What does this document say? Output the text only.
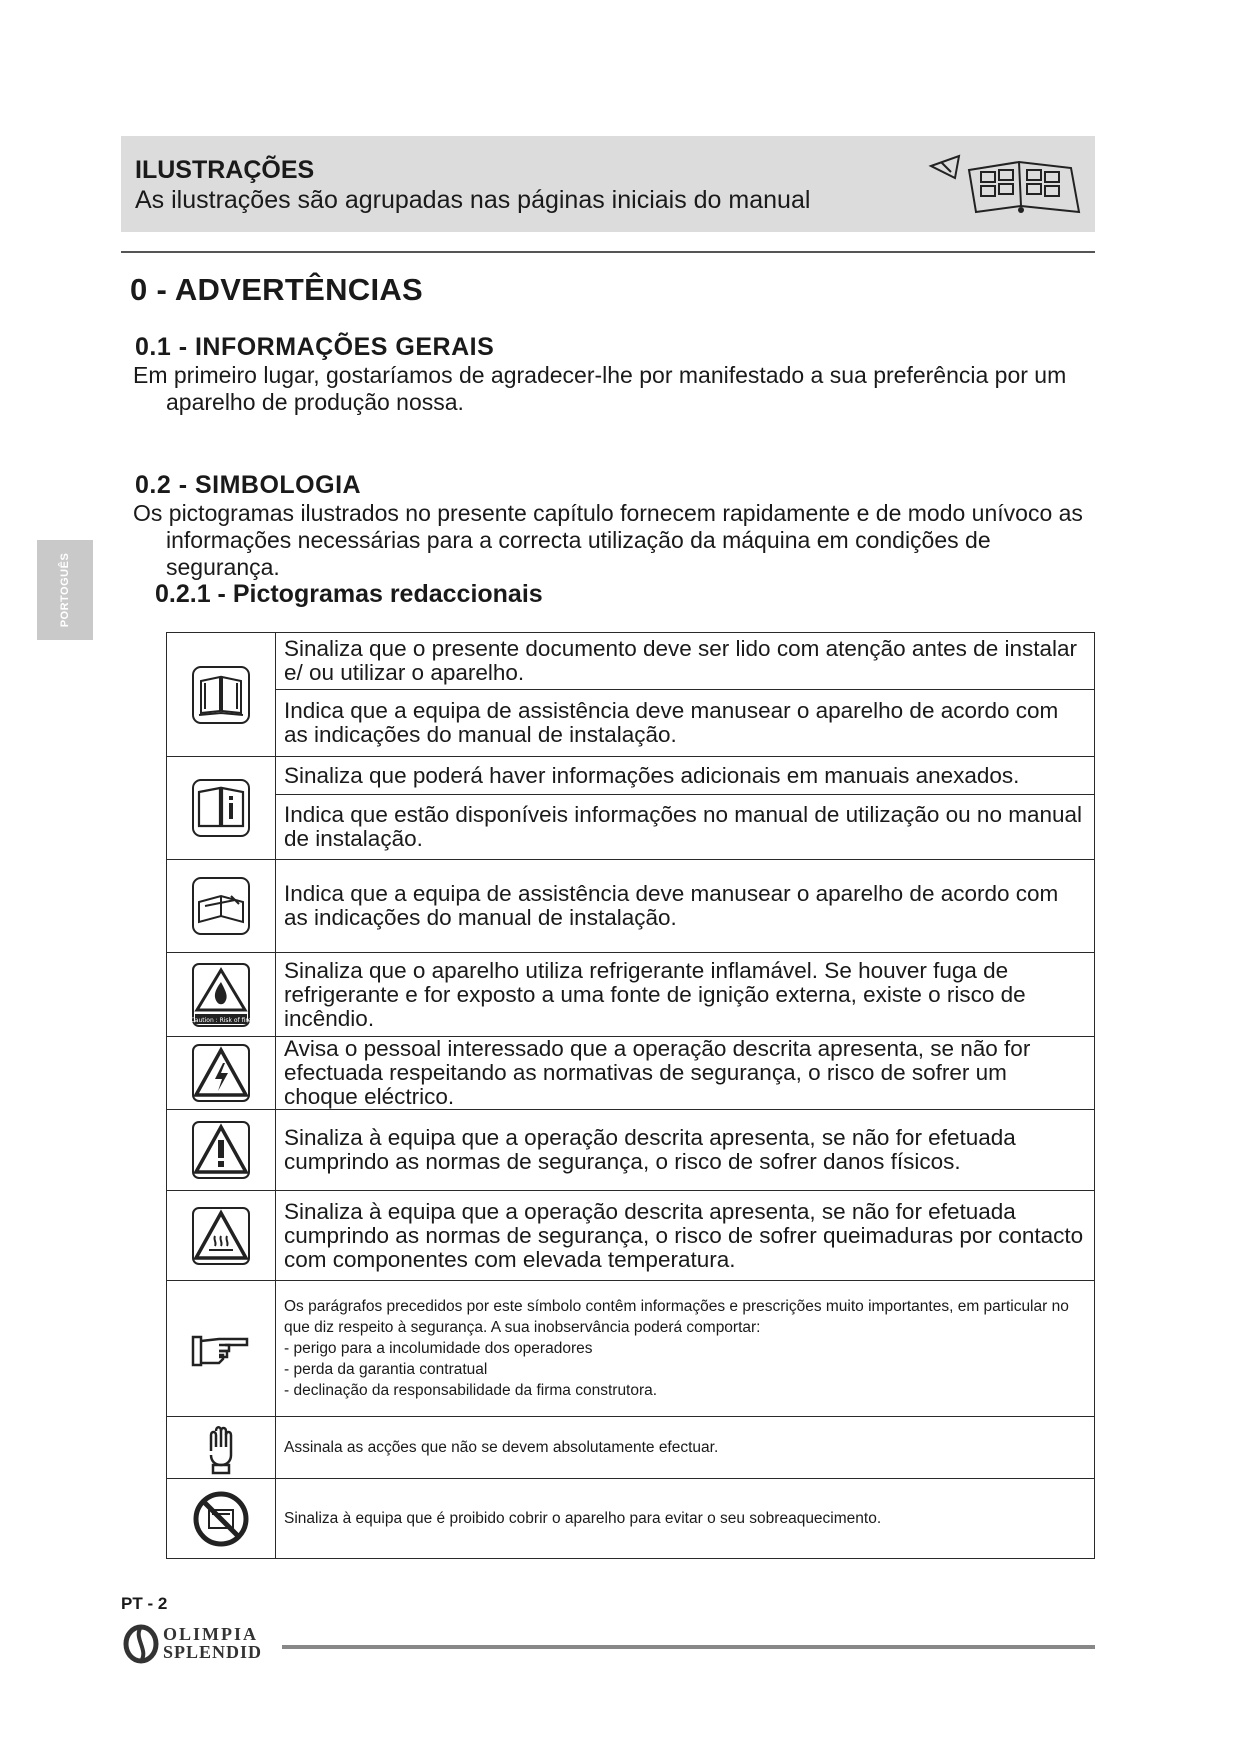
ILUSTRAÇÕES
As ilustrações são agrupadas nas páginas iniciais do manual
0 - ADVERTÊNCIAS
0.1 - INFORMAÇÕES GERAIS
Em primeiro lugar, gostaríamos de agradecer-lhe por manifestado a sua preferência por um
aparelho de produção nossa.
0.2 - SIMBOLOGIA
Os pictogramas ilustrados no presente capítulo fornecem rapidamente e de modo unívoco as
informações necessárias para a correcta utilização da máquina em condições de segurança.
0.2.1 - Pictogramas redaccionais
PORTOGUÊS
	Sinaliza que o presente documento deve ser lido com atenção antes de instalar e/ ou utilizar o aparelho.
	Indica que a equipa de assistência deve manusear o aparelho de acordo com as indicações do manual de instalação.

	Sinaliza que poderá haver informações adicionais em manuais anexados.
	Indica que estão disponíveis informações no manual de utilização ou no manual de instalação.

	Indica que a equipa de assistência deve manusear o aparelho de acordo com as indicações do manual de instalação.

Caution : Risk of fire	Sinaliza que o aparelho utiliza refrigerante inflamável. Se houver fuga de refrigerante e for exposto a uma fonte de ignição externa, existe o risco de incêndio.

	Avisa o pessoal interessado que a operação descrita apresenta, se não for efectuada respeitando as normativas de segurança, o risco de sofrer um choque eléctrico.

	Sinaliza à equipa que a operação descrita apresenta, se não for efetuada cumprindo as normas de segurança, o risco de sofrer danos físicos.

	Sinaliza à equipa que a operação descrita apresenta, se não for efetuada cumprindo as normas de segurança, o risco de sofrer queimaduras por contacto com componentes com elevada temperatura.

Os parágrafos precedidos por este símbolo contêm informações e prescrições muito importantes, em particular no que diz respeito à segurança. A sua inobservância poderá comportar:
- perigo para a incolumidade dos operadores
- perda da garantia contratual
- declinação da responsabilidade da firma construtora.

	Assinala as acções que não se devem absolutamente efectuar.

	Sinaliza à equipa que é proibido cobrir o aparelho para evitar o seu sobreaquecimento.
PT - 2
OLIMPIA
SPLENDID
